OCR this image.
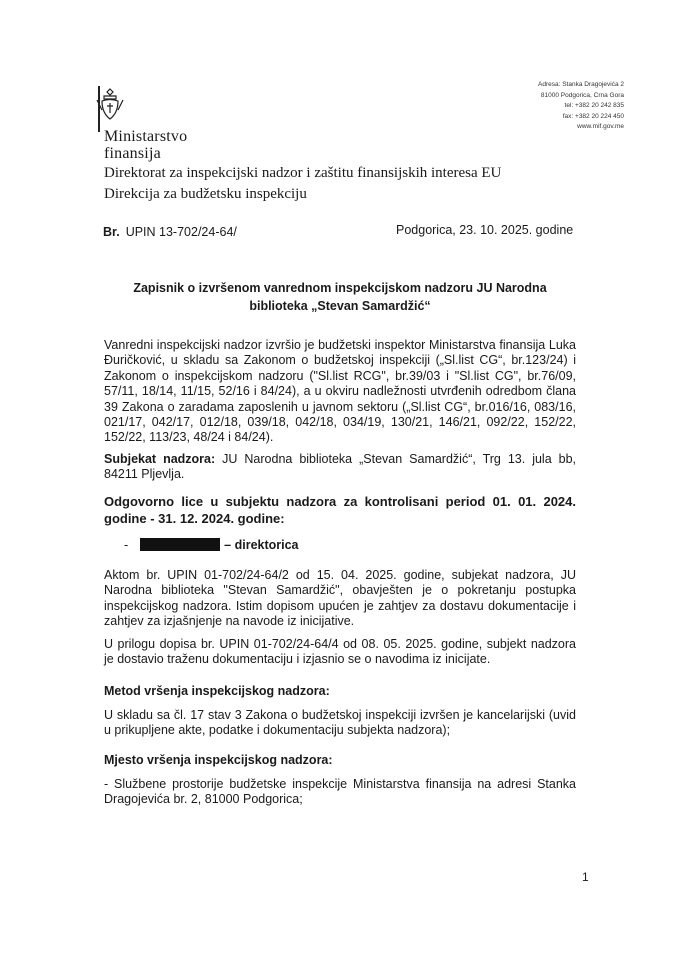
Adresa: Stanka Dragojevića 2
81000 Podgorica, Crna Gora
tel: +382 20 242 835
fax: +382 20 224 450
www.mif.gov.me
Ministarstvo
finansija
Direktorat za inspekcijski nadzor i zaštitu finansijskih interesa EU
Direkcija za budžetsku inspekciju
Br. UPIN 13-702/24-64/	Podgorica, 23. 10. 2025. godine
Zapisnik o izvršenom vanrednom inspekcijskom nadzoru JU Narodna
biblioteka „Stevan Samardžić“
Vanredni inspekcijski nadzor izvršio je budžetski inspektor Ministarstva finansija Luka Đuričković, u skladu sa Zakonom o budžetskoj inspekciji („Sl.list CG“, br.123/24) i Zakonom o inspekcijskom nadzoru ("Sl.list RCG", br.39/03 i "Sl.list CG", br.76/09, 57/11, 18/14, 11/15, 52/16 i 84/24), a u okviru nadležnosti utvrđenih odredbom člana 39 Zakona o zaradama zaposlenih u javnom sektoru („Sl.list CG“, br.016/16, 083/16, 021/17, 042/17, 012/18, 039/18, 042/18, 034/19, 130/21, 146/21, 092/22, 152/22, 152/22, 113/23, 48/24 i 84/24).
Subjekat nadzora: JU Narodna biblioteka „Stevan Samardžić“, Trg 13. jula bb, 84211 Pljevlja.
Odgovorno lice u subjektu nadzora za kontrolisani period 01. 01. 2024. godine - 31. 12. 2024. godine:
-	– direktorica
Aktom br. UPIN 01-702/24-64/2 od 15. 04. 2025. godine, subjekat nadzora, JU Narodna biblioteka "Stevan Samardžić", obavješten je o pokretanju postupka inspekcijskog nadzora. Istim dopisom upućen je zahtjev za dostavu dokumentacije i zahtjev za izjašnjenje na navode iz inicijative.
U prilogu dopisa br. UPIN 01-702/24-64/4 od 08. 05. 2025. godine, subjekt nadzora je dostavio traženu dokumentaciju i izjasnio se o navodima iz inicijate.
Metod vršenja inspekcijskog nadzora:
U skladu sa čl. 17 stav 3 Zakona o budžetskoj inspekciji izvršen je kancelarijski (uvid u prikupljene akte, podatke i dokumentaciju subjekta nadzora);
Mjesto vršenja inspekcijskog nadzora:
- Službene prostorije budžetske inspekcije Ministarstva finansija na adresi Stanka Dragojevića br. 2, 81000 Podgorica;
1
